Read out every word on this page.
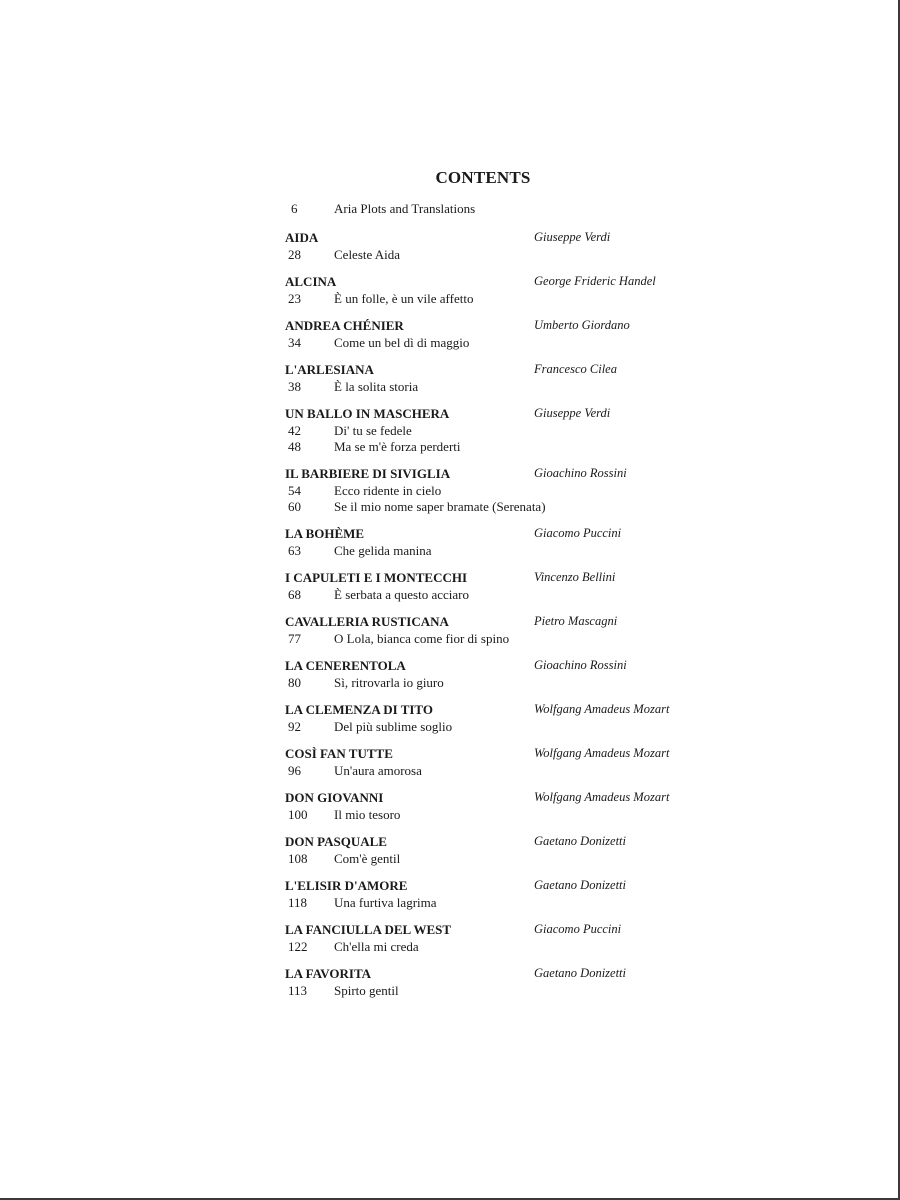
CONTENTS
6	Aria Plots and Translations
AIDA	Giuseppe Verdi
28	Celeste Aida
ALCINA	George Frideric Handel
23	È un folle, è un vile affetto
ANDREA CHÉNIER	Umberto Giordano
34	Come un bel dì di maggio
L'ARLESIANA	Francesco Cilea
38	È la solita storia
UN BALLO IN MASCHERA	Giuseppe Verdi
42	Di' tu se fedele
48	Ma se m'è forza perderti
IL BARBIERE DI SIVIGLIA	Gioachino Rossini
54	Ecco ridente in cielo
60	Se il mio nome saper bramate (Serenata)
LA BOHÈME	Giacomo Puccini
63	Che gelida manina
I CAPULETI E I MONTECCHI	Vincenzo Bellini
68	È serbata a questo acciaro
CAVALLERIA RUSTICANA	Pietro Mascagni
77	O Lola, bianca come fior di spino
LA CENERENTOLA	Gioachino Rossini
80	Sì, ritrovarla io giuro
LA CLEMENZA DI TITO	Wolfgang Amadeus Mozart
92	Del più sublime soglio
COSÌ FAN TUTTE	Wolfgang Amadeus Mozart
96	Un'aura amorosa
DON GIOVANNI	Wolfgang Amadeus Mozart
100 Il mio tesoro
DON PASQUALE	Gaetano Donizetti
108 Com'è gentil
L'ELISIR D'AMORE	Gaetano Donizetti
118 Una furtiva lagrima
LA FANCIULLA DEL WEST	Giacomo Puccini
122 Ch'ella mi creda
LA FAVORITA	Gaetano Donizetti
113 Spirto gentil
